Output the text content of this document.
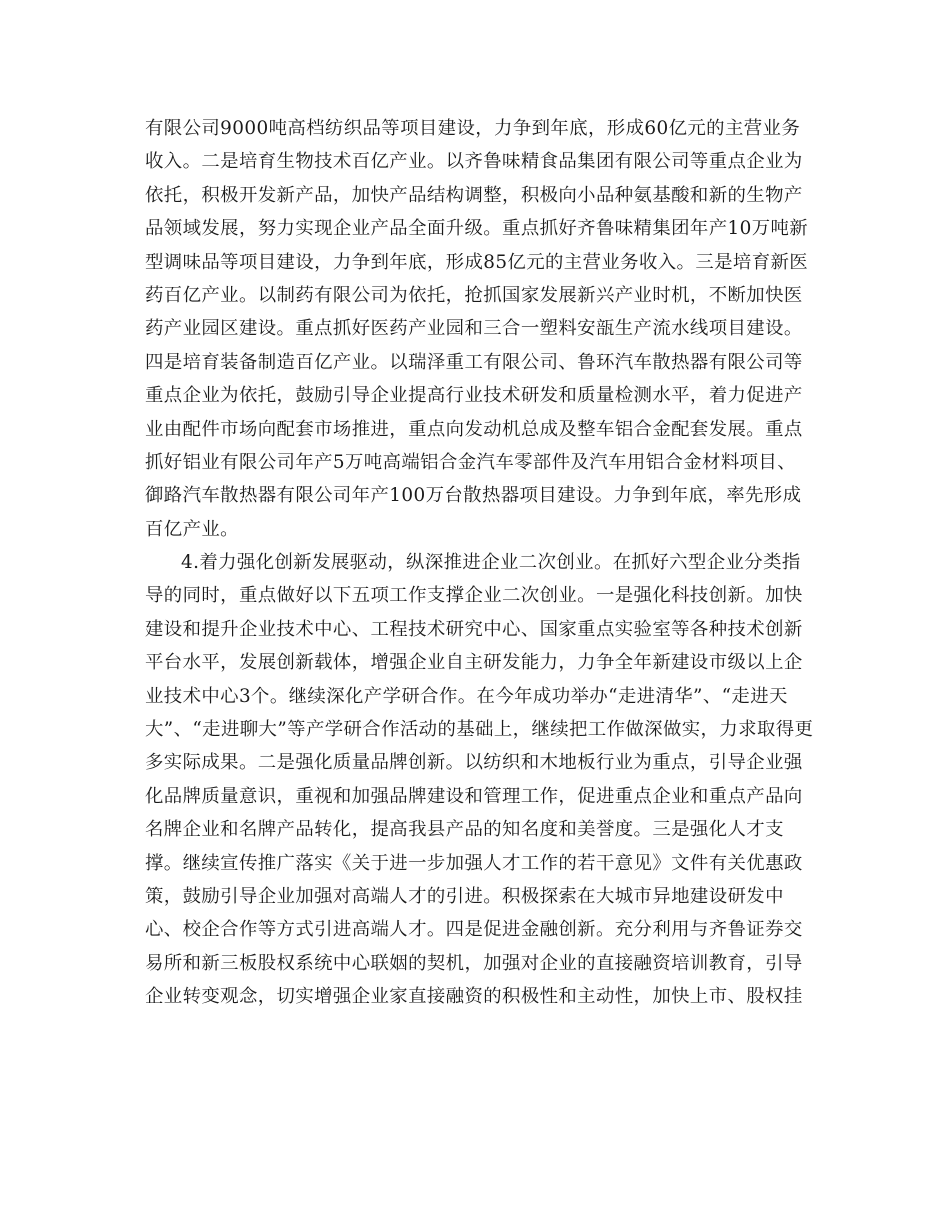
有限公司9000吨高档纺织品等项目建设，力争到年底，形成60亿元的主营业务
收入。二是培育生物技术百亿产业。以齐鲁味精食品集团有限公司等重点企业为
依托，积极开发新产品，加快产品结构调整，积极向小品种氨基酸和新的生物产
品领域发展，努力实现企业产品全面升级。重点抓好齐鲁味精集团年产10万吨新
型调味品等项目建设，力争到年底，形成85亿元的主营业务收入。三是培育新医
药百亿产业。以制药有限公司为依托，抢抓国家发展新兴产业时机，不断加快医
药产业园区建设。重点抓好医药产业园和三合一塑料安瓿生产流水线项目建设。
四是培育装备制造百亿产业。以瑞泽重工有限公司、鲁环汽车散热器有限公司等
重点企业为依托，鼓励引导企业提高行业技术研发和质量检测水平，着力促进产
业由配件市场向配套市场推进，重点向发动机总成及整车铝合金配套发展。重点
抓好铝业有限公司年产5万吨高端铝合金汽车零部件及汽车用铝合金材料项目、
御路汽车散热器有限公司年产100万台散热器项目建设。力争到年底，率先形成
百亿产业。
4.着力强化创新发展驱动，纵深推进企业二次创业。在抓好六型企业分类指
导的同时，重点做好以下五项工作支撑企业二次创业。一是强化科技创新。加快
建设和提升企业技术中心、工程技术研究中心、国家重点实验室等各种技术创新
平台水平，发展创新载体，增强企业自主研发能力，力争全年新建设市级以上企
业技术中心3个。继续深化产学研合作。在今年成功举办“走进清华”、“走进天
大”、“走进聊大”等产学研合作活动的基础上，继续把工作做深做实，力求取得更
多实际成果。二是强化质量品牌创新。以纺织和木地板行业为重点，引导企业强
化品牌质量意识，重视和加强品牌建设和管理工作，促进重点企业和重点产品向
名牌企业和名牌产品转化，提高我县产品的知名度和美誉度。三是强化人才支
撑。继续宣传推广落实《关于进一步加强人才工作的若干意见》文件有关优惠政
策，鼓励引导企业加强对高端人才的引进。积极探索在大城市异地建设研发中
心、校企合作等方式引进高端人才。四是促进金融创新。充分利用与齐鲁证券交
易所和新三板股权系统中心联姻的契机，加强对企业的直接融资培训教育，引导
企业转变观念，切实增强企业家直接融资的积极性和主动性，加快上市、股权挂
